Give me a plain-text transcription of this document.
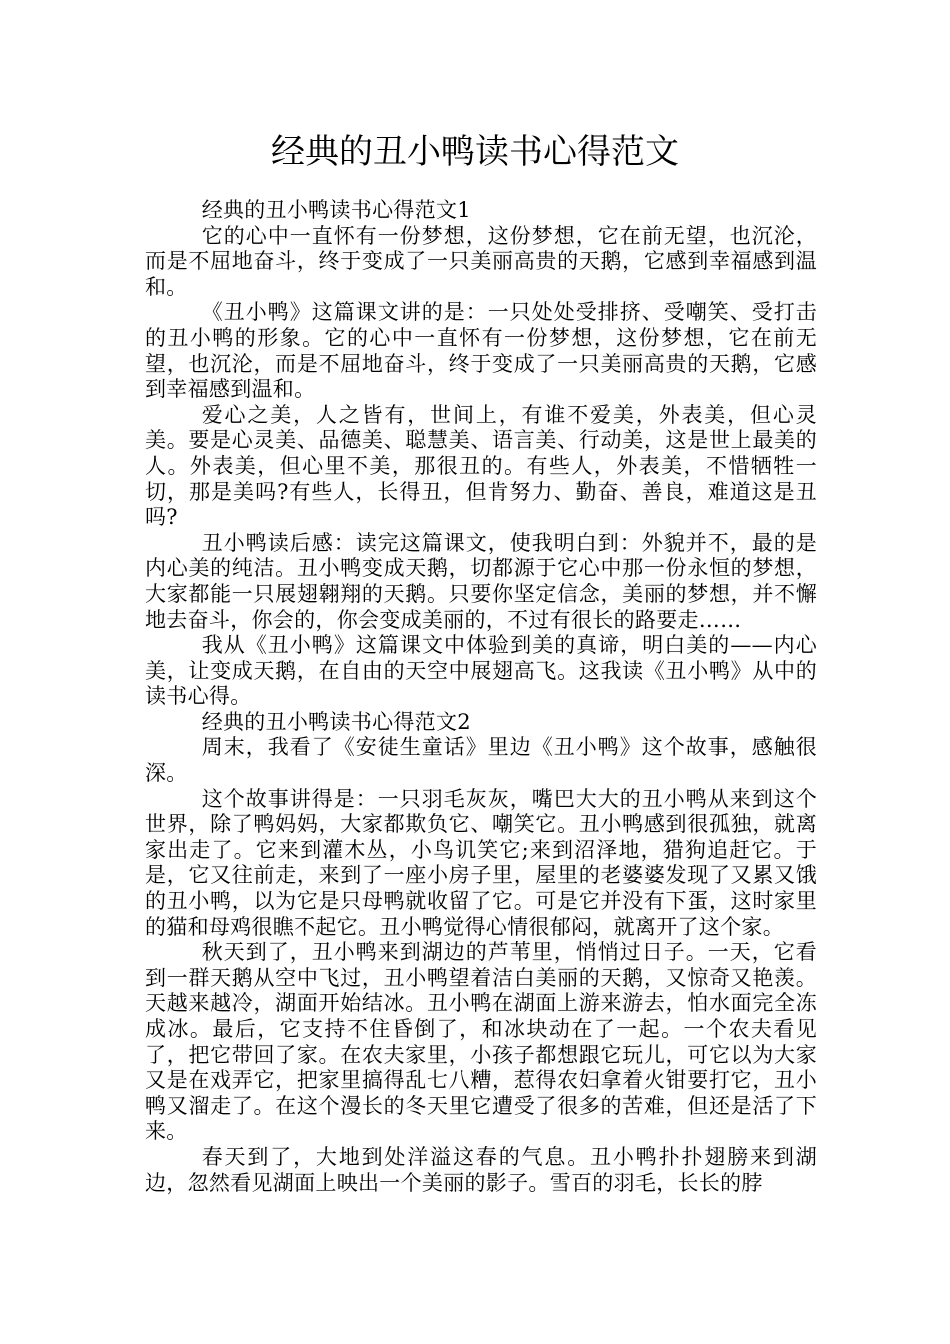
经典的丑小鸭读书心得范文

经典的丑小鸭读书心得范文1

它的心中一直怀有一份梦想，这份梦想，它在前无望，也沉沦，而是不屈地奋斗，终于变成了一只美丽高贵的天鹅，它感到幸福感到温和。

《丑小鸭》这篇课文讲的是：一只处处受排挤、受嘲笑、受打击的丑小鸭的形象。它的心中一直怀有一份梦想，这份梦想，它在前无望，也沉沦，而是不屈地奋斗，终于变成了一只美丽高贵的天鹅，它感到幸福感到温和。

爱心之美，人之皆有，世间上，有谁不爱美，外表美，但心灵美。要是心灵美、品德美、聪慧美、语言美、行动美，这是世上最美的人。外表美，但心里不美，那很丑的。有些人，外表美，不惜牺牲一切，那是美吗?有些人，长得丑，但肯努力、勤奋、善良，难道这是丑吗?

丑小鸭读后感：读完这篇课文，使我明白到：外貌并不，最的是内心美的纯洁。丑小鸭变成天鹅，切都源于它心中那一份永恒的梦想，大家都能一只展翅翱翔的天鹅。只要你坚定信念，美丽的梦想，并不懈地去奋斗，你会的，你会变成美丽的，不过有很长的路要走……

我从《丑小鸭》这篇课文中体验到美的真谛，明白美的——内心美，让变成天鹅，在自由的天空中展翅高飞。这我读《丑小鸭》从中的读书心得。

经典的丑小鸭读书心得范文2

周末，我看了《安徒生童话》里边《丑小鸭》这个故事，感触很深。

这个故事讲得是：一只羽毛灰灰，嘴巴大大的丑小鸭从来到这个世界，除了鸭妈妈，大家都欺负它、嘲笑它。丑小鸭感到很孤独，就离家出走了。它来到灌木丛，小鸟讥笑它;来到沼泽地，猎狗追赶它。于是，它又往前走，来到了一座小房子里，屋里的老婆婆发现了又累又饿的丑小鸭，以为它是只母鸭就收留了它。可是它并没有下蛋，这时家里的猫和母鸡很瞧不起它。丑小鸭觉得心情很郁闷，就离开了这个家。

秋天到了，丑小鸭来到湖边的芦苇里，悄悄过日子。一天，它看到一群天鹅从空中飞过，丑小鸭望着洁白美丽的天鹅，又惊奇又艳羡。天越来越冷，湖面开始结冰。丑小鸭在湖面上游来游去，怕水面完全冻成冰。最后，它支持不住昏倒了，和冰块动在了一起。一个农夫看见了，把它带回了家。在农夫家里，小孩子都想跟它玩儿，可它以为大家又是在戏弄它，把家里搞得乱七八糟，惹得农妇拿着火钳要打它，丑小鸭又溜走了。在这个漫长的冬天里它遭受了很多的苦难，但还是活了下来。

春天到了，大地到处洋溢这春的气息。丑小鸭扑扑翅膀来到湖边，忽然看见湖面上映出一个美丽的影子。雪百的羽毛，长长的脖
